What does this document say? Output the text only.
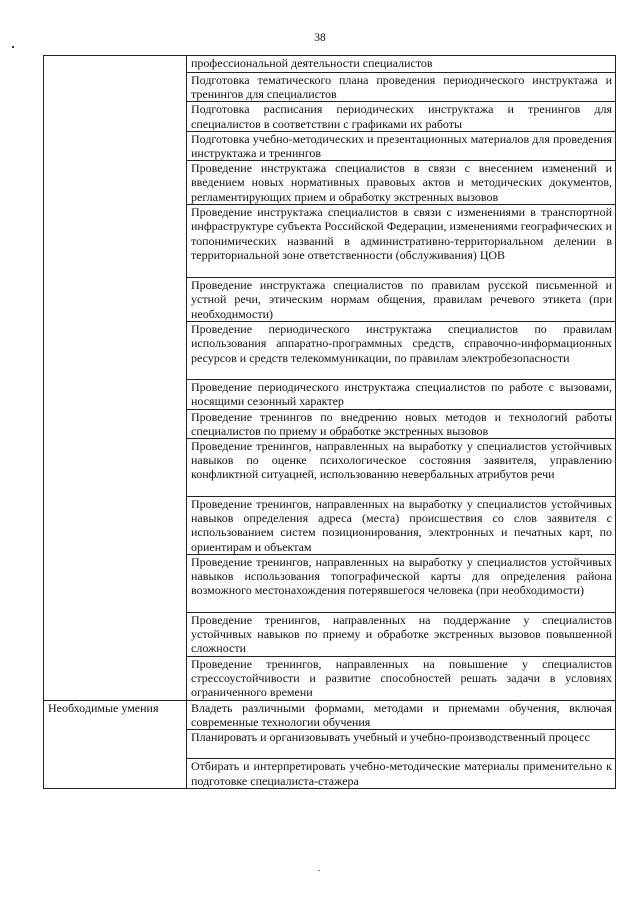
38
	профессиональной деятельности специалистов
	Подготовка тематического плана проведения периодического инструктажа и тренингов для специалистов
	Подготовка расписания периодических инструктажа и тренингов для специалистов в соответствии с графиками их работы
	Подготовка учебно-методических и презентационных материалов для проведения инструктажа и тренингов
	Проведение инструктажа специалистов в связи с внесением изменений и введением новых нормативных правовых актов и методических документов, регламентирующих прием и обработку экстренных вызовов
	Проведение инструктажа специалистов в связи с изменениями в транспортной инфраструктуре субъекта Российской Федерации, изменениями географических и топонимических названий в административно-территориальном делении в территориальной зоне ответственности (обслуживания) ЦОВ
	Проведение инструктажа специалистов по правилам русской письменной и устной речи, этическим нормам общения, правилам речевого этикета (при необходимости)
	Проведение периодического инструктажа специалистов по правилам использования аппаратно-программных средств, справочно-информационных ресурсов и средств телекоммуникации, по правилам электробезопасности
	Проведение периодического инструктажа специалистов по работе с вызовами, носящими сезонный характер
	Проведение тренингов по внедрению новых методов и технологий работы специалистов по приему и обработке экстренных вызовов
	Проведение тренингов, направленных на выработку у специалистов устойчивых навыков по оценке психологическое состояния заявителя, управлению конфликтной ситуацией, использованию невербальных атрибутов речи
	Проведение тренингов, направленных на выработку у специалистов устойчивых навыков определения адреса (места) происшествия со слов заявителя с использованием систем позиционирования, электронных и печатных карт, по ориентирам и объектам
	Проведение тренингов, направленных на выработку у специалистов устойчивых навыков использования топографической карты для определения района возможного местонахождения потерявшегося человека (при необходимости)
	Проведение тренингов, направленных на поддержание у специалистов устойчивых навыков по приему и обработке экстренных вызовов повышенной сложности
	Проведение тренингов, направленных на повышение у специалистов стрессоустойчивости и развитие способностей решать задачи в условиях ограниченного времени
Необходимые умения	Владеть различными формами, методами и приемами обучения, включая современные технологии обучения
	Планировать и организовывать учебный и учебно-производственный процесс
	Отбирать и интерпретировать учебно-методические материалы применительно к подготовке специалиста-стажера
